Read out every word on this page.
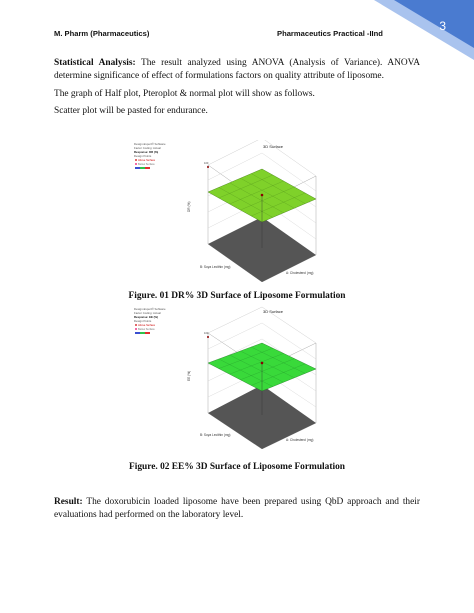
3
M. Pharm (Pharmaceutics)	Pharmaceutics Practical -IInd
Statistical Analysis: The result analyzed using ANOVA (Analysis of Variance). ANOVA determine significance of effect of formulations factors on quality attribute of liposome.
The graph of Half plot, Pteroplot & normal plot will show as follows.
Scatter plot will be pasted for endurance.
Design-Expert® Software
Factor Coding: Actual
Response: DR (%)
Design Points
Above Surface
Below Surface
3D Surface
100
DR (%)
A: Cholesterol (mg)
B: Soya Lecithin (mg)
Figure. 01 DR% 3D Surface of Liposome Formulation
Design-Expert® Software
Factor Coding: Actual
Response: EE (%)
Design Points
Above Surface
Below Surface
3D Surface
100
EE (%)
A: Cholesterol (mg)
B: Soya Lecithin (mg)
Figure. 02 EE% 3D Surface of Liposome Formulation
Result: The doxorubicin loaded liposome have been prepared using QbD approach and their evaluations had performed on the laboratory level.
